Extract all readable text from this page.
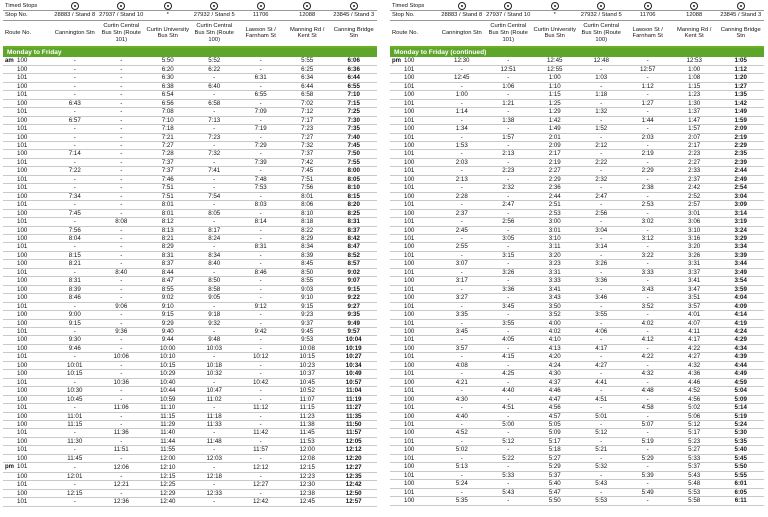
Timed Stops							
Stop No.	28883 / Stand 8	27937 / Stand 10	*	27932 / Stand 5	11706	12088	23845 / Stand 3
Route No.	Cannington Stn	Curtin Central Bus Stn (Route 101)	Curtin University Bus Stn	Curtin Central Bus Stn (Route 100)	Lawson St / Farnham St	Manning Rd / Kent St	Canning Bridge Stn
Monday to Friday							
am 100	-	-	5:50	5:52	-	5:55	6:06
100	-	-	6:20	6:22	-	6:25	6:36
101	-	-	6:30	-	6:31	6:34	6:44
100	-	-	6:38	6:40	-	6:44	6:55
101	-	-	6:54	-	6:55	6:58	7:10
100	6:43	-	6:56	6:58	-	7:02	7:15
101	-	-	7:08	-	7:09	7:12	7:25
100	6:57	-	7:10	7:13	-	7:17	7:30
101	-	-	7:18	-	7:19	7:23	7:35
100	-	-	7:21	7:23	-	7:27	7:40
101	-	-	7:27	-	7:29	7:32	7:45
100	7:14	-	7:28	7:32	-	7:37	7:50
101	-	-	7:37	-	7:39	7:42	7:55
100	7:22	-	7:37	7:41	-	7:45	8:00
101	-	-	7:46	-	7:48	7:51	8:05
101	-	-	7:51	-	7:53	7:56	8:10
100	7:34	-	7:51	7:54	-	8:01	8:15
101	-	-	8:01	-	8:03	8:06	8:20
100	7:45	-	8:01	8:05	-	8:10	8:25
101	-	8:08	8:12	-	8:14	8:18	8:31
100	7:56	-	8:13	8:17	-	8:22	8:37
100	8:04	-	8:21	8:24	-	8:29	8:42
101	-	-	8:29	-	8:31	8:34	8:47
100	8:15	-	8:31	8:34	-	8:39	8:52
100	8:21	-	8:37	8:40	-	8:45	8:57
101	-	8:40	8:44	-	8:46	8:50	9:02
100	8:31	-	8:47	8:50	-	8:55	9:07
100	8:39	-	8:55	8:58	-	9:03	9:15
100	8:46	-	9:02	9:05	-	9:10	9:22
101	-	9:06	9:10	-	9:12	9:15	9:27
100	9:00	-	9:15	9:18	-	9:23	9:35
100	9:15	-	9:29	9:32	-	9:37	9:49
101	-	9:36	9:40	-	9:42	9:45	9:57
100	9:30	-	9:44	9:48	-	9:53	10:04
100	9:46	-	10:00	10:03	-	10:08	10:19
101	-	10:06	10:10	-	10:12	10:15	10:27
100	10:01	-	10:15	10:18	-	10:23	10:34
100	10:15	-	10:29	10:32	-	10:37	10:49
101	-	10:36	10:40	-	10:42	10:45	10:57
100	10:30	-	10:44	10:47	-	10:52	11:04
100	10:45	-	10:59	11:02	-	11:07	11:19
101	-	11:06	11:10	-	11:12	11:15	11:27
100	11:01	-	11:15	11:18	-	11:23	11:35
100	11:15	-	11:29	11:33	-	11:38	11:50
101	-	11:36	11:40	-	11:42	11:45	11:57
100	11:30	-	11:44	11:48	-	11:53	12:05
101	-	11:51	11:55	-	11:57	12:00	12:12
100	11:45	-	12:00	12:03	-	12:08	12:20
pm 101	-	12:06	12:10	-	12:12	12:15	12:27
100	12:01	-	12:15	12:18	-	12:23	12:35
101	-	12:21	12:25	-	12:27	12:30	12:42
100	12:15	-	12:29	12:33	-	12:38	12:50
101	-	12:36	12:40	-	12:42	12:45	12:57
Timed Stops							
Stop No.	28883 / Stand 8	27937 / Stand 10	*	27932 / Stand 5	11706	12088	23845 / Stand 3
Route No.	Cannington Stn	Curtin Central Bus Stn (Route 101)	Curtin University Bus Stn	Curtin Central Bus Stn (Route 100)	Lawson St / Farnham St	Manning Rd / Kent St	Canning Bridge Stn
Monday to Friday (continued)							
pm 100	12:30	-	12:45	12:48	-	12:53	1:05
101	-	12:51	12:55	-	12:57	1:00	1:12
100	12:45	-	1:00	1:03	-	1:08	1:20
101	-	1:06	1:10	-	1:12	1:15	1:27
100	1:00	-	1:15	1:18	-	1:23	1:35
101	-	1:21	1:25	-	1:27	1:30	1:42
100	1:14	-	1:29	1:32	-	1:37	1:49
101	-	1:38	1:42	-	1:44	1:47	1:59
100	1:34	-	1:49	1:52	-	1:57	2:09
101	-	1:57	2:01	-	2:03	2:07	2:19
100	1:53	-	2:09	2:12	-	2:17	2:29
101	-	2:13	2:17	-	2:19	2:23	2:35
100	2:03	-	2:19	2:22	-	2:27	2:39
101	-	2:23	2:27	-	2:29	2:33	2:44
100	2:13	-	2:29	2:32	-	2:37	2:49
101	-	2:32	2:36	-	2:38	2:42	2:54
100	2:28	-	2:44	2:47	-	2:52	3:04
101	-	2:47	2:51	-	2:53	2:57	3:09
100	2:37	-	2:53	2:56	-	3:01	3:14
101	-	2:56	3:00	-	3:02	3:06	3:19
100	2:45	-	3:01	3:04	-	3:10	3:24
101	-	3:05	3:10	-	3:12	3:16	3:29
100	2:55	-	3:11	3:14	-	3:20	3:34
101	-	3:15	3:20	-	3:22	3:26	3:39
100	3:07	-	3:23	3:26	-	3:31	3:44
101	-	3:26	3:31	-	3:33	3:37	3:49
100	3:17	-	3:33	3:36	-	3:41	3:54
101	-	3:36	3:41	-	3:43	3:47	3:59
100	3:27	-	3:43	3:46	-	3:51	4:04
101	-	3:45	3:50	-	3:52	3:57	4:09
100	3:35	-	3:52	3:55	-	4:01	4:14
101	-	3:55	4:00	-	4:02	4:07	4:19
100	3:45	-	4:02	4:06	-	4:11	4:24
101	-	4:05	4:10	-	4:12	4:17	4:29
100	3:57	-	4:13	4:17	-	4:22	4:34
101	-	4:15	4:20	-	4:22	4:27	4:39
100	4:08	-	4:24	4:27	-	4:32	4:44
101	-	4:25	4:30	-	4:32	4:36	4:49
100	4:21	-	4:37	4:41	-	4:46	4:59
101	-	4:40	4:46	-	4:48	4:52	5:04
100	4:30	-	4:47	4:51	-	4:56	5:09
101	-	4:51	4:56	-	4:58	5:02	5:14
100	4:40	-	4:57	5:01	-	5:06	5:19
101	-	5:00	5:05	-	5:07	5:12	5:24
100	4:52	-	5:09	5:12	-	5:17	5:30
101	-	5:12	5:17	-	5:19	5:23	5:35
100	5:02	-	5:18	5:21	-	5:27	5:40
101	-	5:22	5:27	-	5:29	5:33	5:45
100	5:13	-	5:29	5:32	-	5:37	5:50
101	-	5:33	5:37	-	5:39	5:43	5:55
100	5:24	-	5:40	5:43	-	5:48	6:01
101	-	5:43	5:47	-	5:49	5:53	6:05
100	5:35	-	5:50	5:53	-	5:58	6:11
